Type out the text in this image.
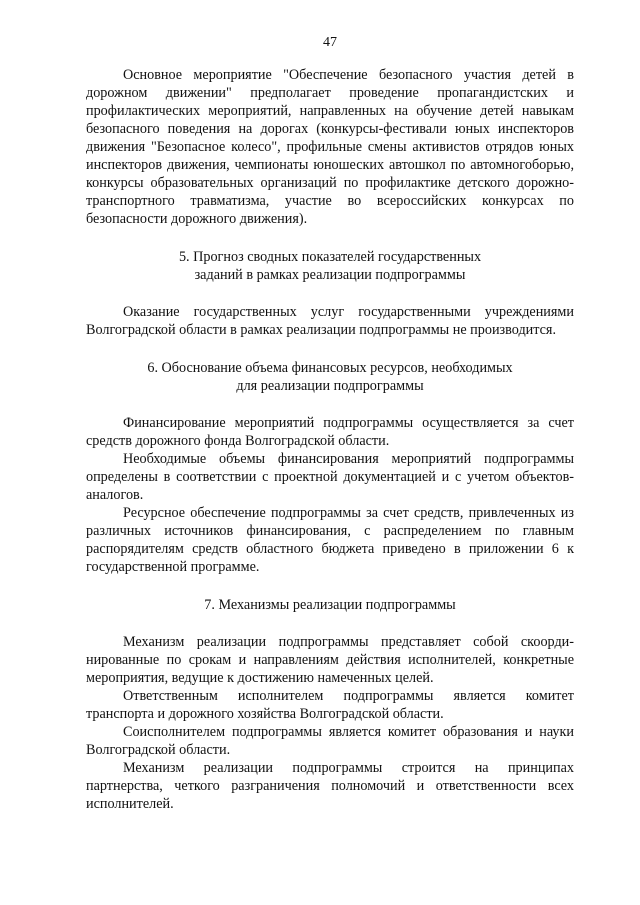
47

Основное мероприятие "Обеспечение безопасного участия детей в дорожном движении" предполагает проведение пропагандистских и профилактических мероприятий, направленных на обучение детей навыкам безопасного поведения на дорогах (конкурсы-фестивали юных инспекторов движения "Безопасное колесо", профильные смены активистов отрядов юных инспекторов движения, чемпионаты юношеских автошкол по автомногоборью, конкурсы образовательных организаций по профилактике детского дорожно-транспортного травматизма, участие во всероссийских конкурсах по безопасности дорожного движения).

5. Прогноз сводных показателей государственных
заданий в рамках реализации подпрограммы

Оказание государственных услуг государственными учреждениями Волгоградской области в рамках реализации подпрограммы не производится.

6. Обоснование объема финансовых ресурсов, необходимых
для реализации подпрограммы

Финансирование мероприятий подпрограммы осуществляется за счет средств дорожного фонда Волгоградской области.

Необходимые объемы финансирования мероприятий подпрограммы определены в соответствии с проектной документацией и с учетом объектов-аналогов.

Ресурсное обеспечение подпрограммы за счет средств, привлеченных из различных источников финансирования, с распределением по главным распорядителям средств областного бюджета приведено в приложении 6 к государственной программе.

7. Механизмы реализации подпрограммы

Механизм реализации подпрограммы представляет собой скоординированные по срокам и направлениям действия исполнителей, конкретные мероприятия, ведущие к достижению намеченных целей.

Ответственным исполнителем подпрограммы является комитет транспорта и дорожного хозяйства Волгоградской области.

Соисполнителем подпрограммы является комитет образования и науки Волгоградской области.

Механизм реализации подпрограммы строится на принципах партнерства, четкого разграничения полномочий и ответственности всех исполнителей.
